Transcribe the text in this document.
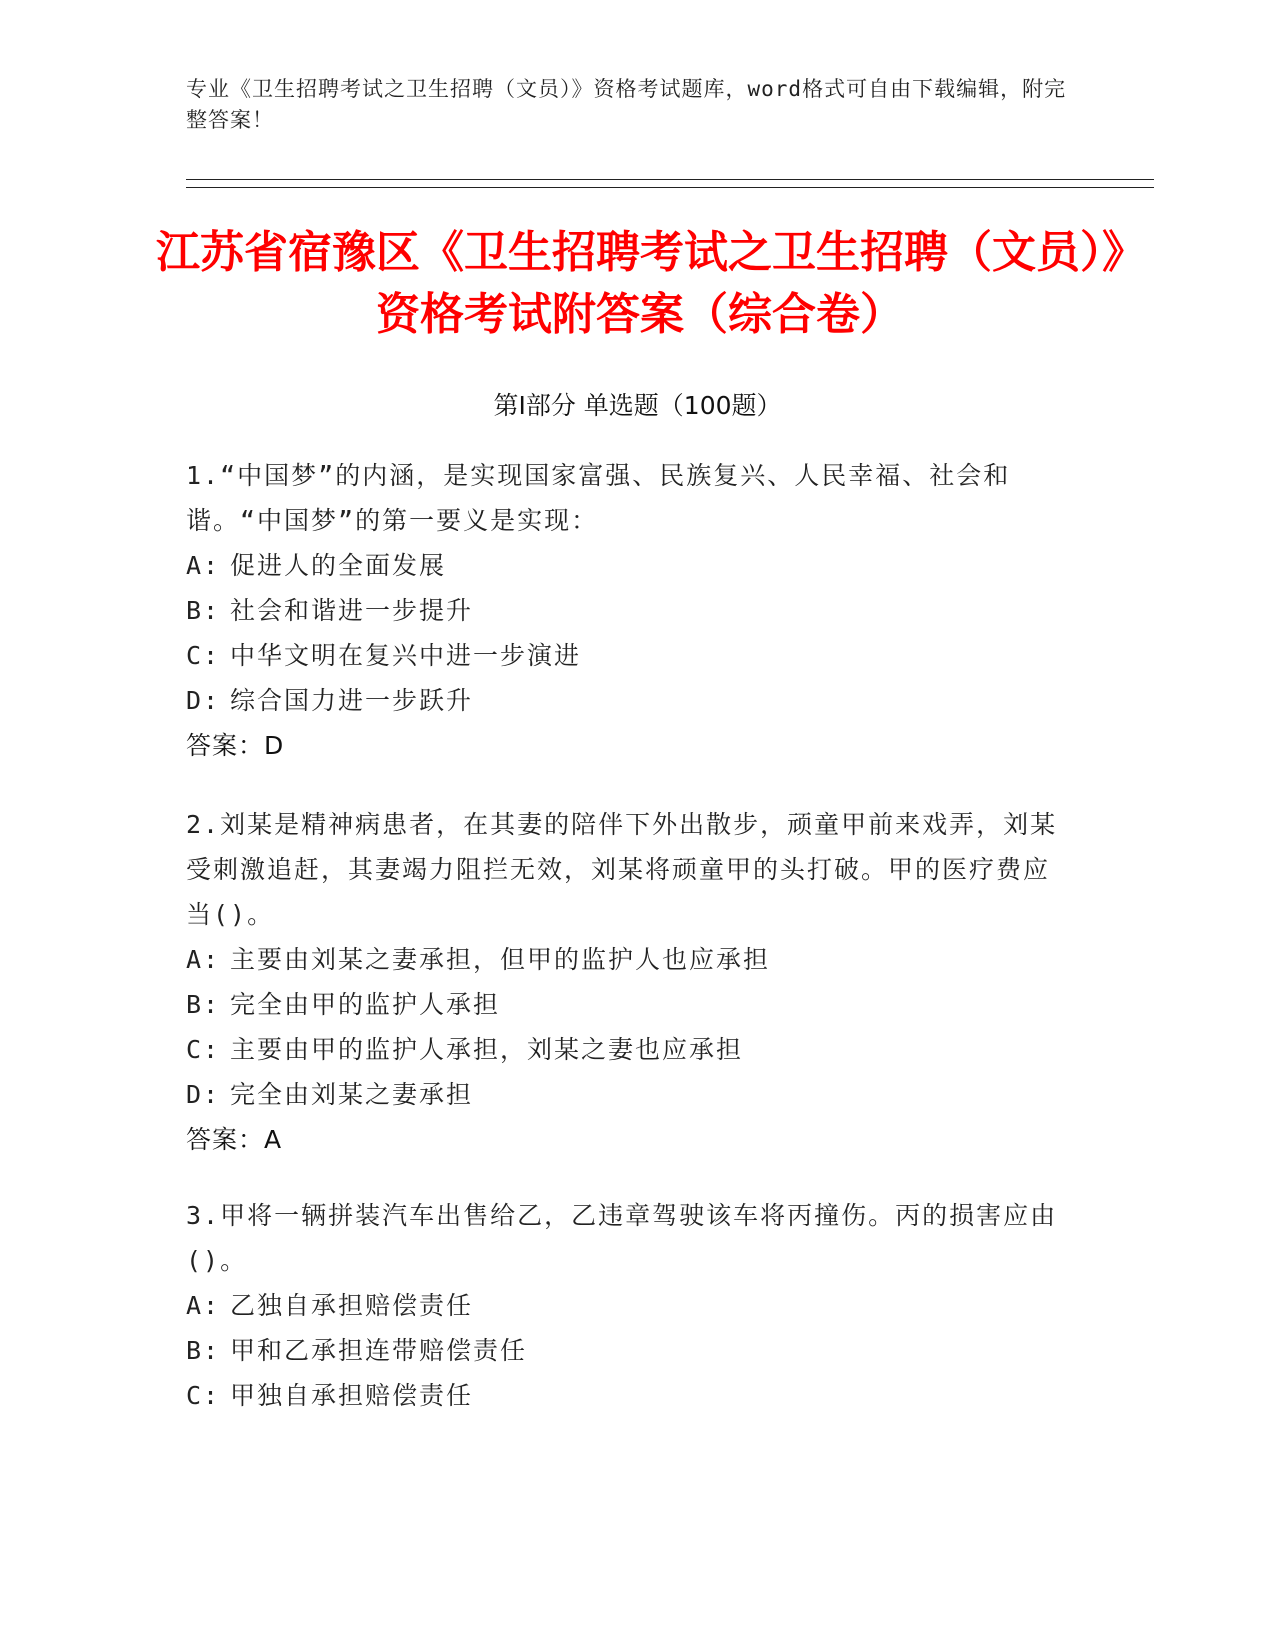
专业《卫生招聘考试之卫生招聘（文员）》资格考试题库，word格式可自由下载编辑，附完整答案！
江苏省宿豫区《卫生招聘考试之卫生招聘（文员）》资格考试附答案（综合卷）
第Ⅰ部分 单选题（100题）
1.“中国梦”的内涵，是实现国家富强、民族复兴、人民幸福、社会和谐。“中国梦”的第一要义是实现：
A: 促进人的全面发展
B: 社会和谐进一步提升
C: 中华文明在复兴中进一步演进
D: 综合国力进一步跃升
答案：D
2.刘某是精神病患者，在其妻的陪伴下外出散步，顽童甲前来戏弄，刘某受刺激追赶，其妻竭力阻拦无效，刘某将顽童甲的头打破。甲的医疗费应当()。
A: 主要由刘某之妻承担，但甲的监护人也应承担
B: 完全由甲的监护人承担
C: 主要由甲的监护人承担，刘某之妻也应承担
D: 完全由刘某之妻承担
答案：A
3.甲将一辆拼装汽车出售给乙，乙违章驾驶该车将丙撞伤。丙的损害应由()。
A: 乙独自承担赔偿责任
B: 甲和乙承担连带赔偿责任
C: 甲独自承担赔偿责任
